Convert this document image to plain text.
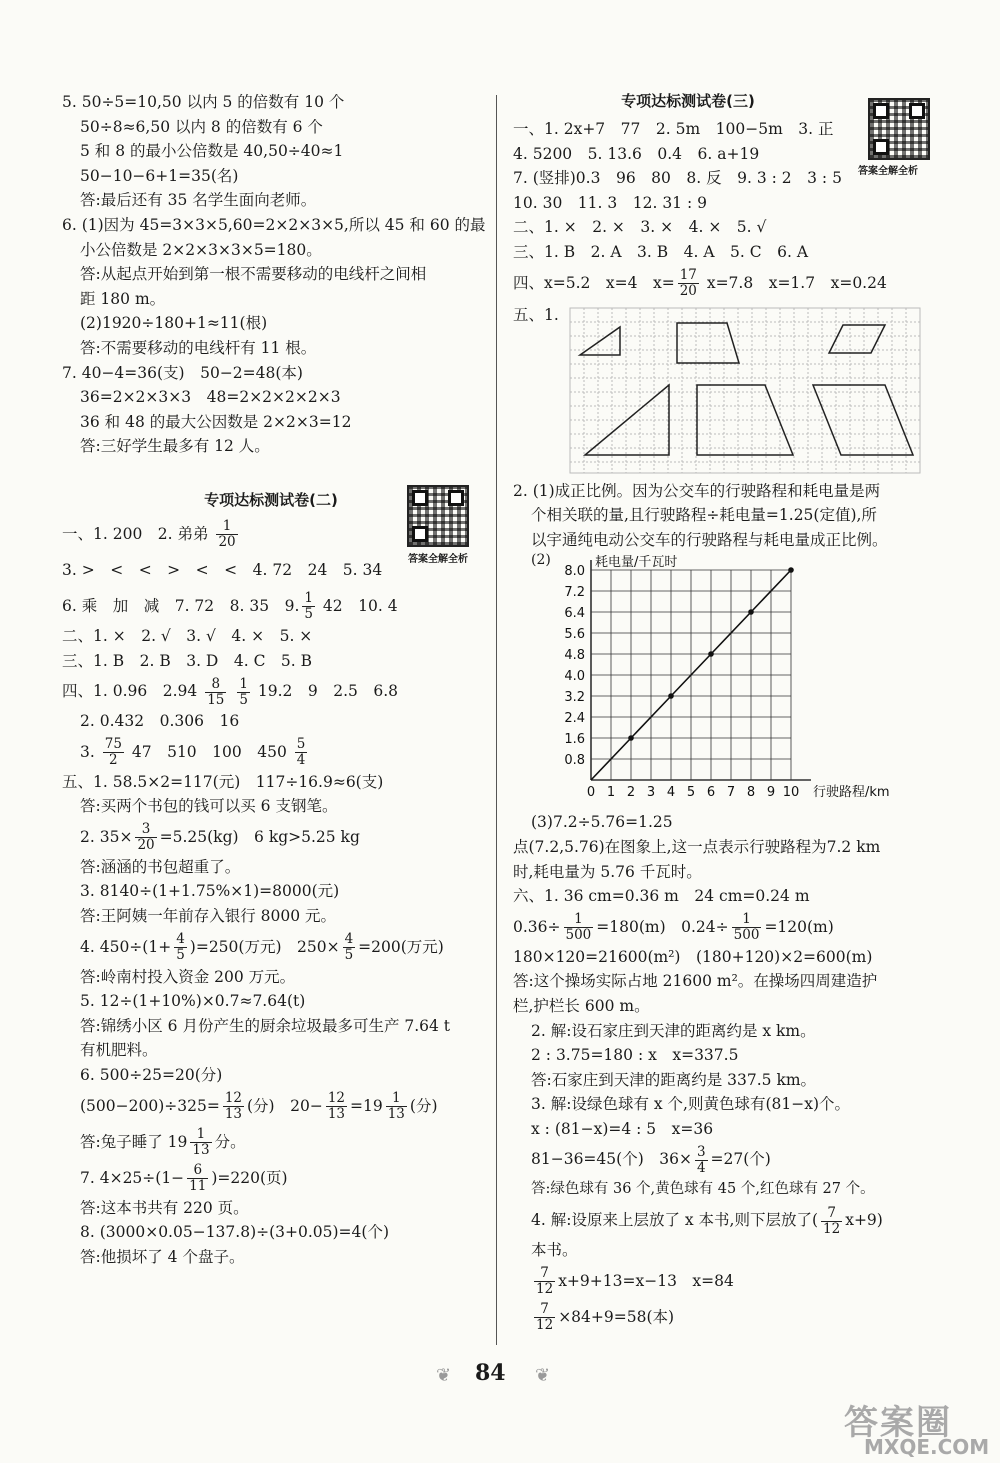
5. 50÷5=10,50 以内 5 的倍数有 10 个
50÷8≈6,50 以内 8 的倍数有 6 个
5 和 8 的最小公倍数是 40,50÷40≈1
50−10−6+1=35(名)
答:最后还有 35 名学生面向老师。
6. (1)因为 45=3×3×5,60=2×2×3×5,所以 45 和 60 的最
小公倍数是 2×2×3×3×5=180。
答:从起点开始到第一根不需要移动的电线杆之间相
距 180 m。
(2)1920÷180+1≈11(根)
答:不需要移动的电线杆有 11 根。
7. 40−4=36(支)　50−2=48(本)
36=2×2×3×3　48=2×2×2×2×3
36 和 48 的最大公因数是 2×2×3=12
答:三好学生最多有 12 人。
专项达标测试卷(二)
答案全解全析
一、1. 200　2. 弟弟 $\frac{1}{20}$
3. >　<　<　>　<　<　4. 72　24　5. 34
6. 乘　加　减　7. 72　8. 35　9. $\frac{1}{5} 42$　10. 4
二、1. ×　2. √　3. √　4. ×　5. ×
三、1. B　2. B　3. D　4. C　5. B
四、1. 0.96　$2.94 \frac{8}{15}$
$\frac{1}{5} 19.2$　9　2.5　6.8
2. 0.432　0.306　16
3. $\frac{75}{2} 47$　510　100　$450 \frac{5}{4}$
五、1. 58.5×2=117(元)　117÷16.9≈6(支)
答:买两个书包的钱可以买 6 支钢笔。
2. $35\times \frac{3}{20} =5.25(kg)$　6 kg>5.25 kg
答:涵涵的书包超重了。
3. 8140÷(1+1.75%×1)=8000(元)
答:王阿姨一年前存入银行 8000 元。
4. $450\div(1+ \frac{4}{5} )=250$(万元)　$250\times \frac{4}{5} =200$(万元)
答:岭南村投入资金 200 万元。
5. 12÷(1+10%)×0.7≈7.64(t)
答:锦绣小区 6 月份产生的厨余垃圾最多可生产 7.64 t
有机肥料。
6. 500÷25=20(分)
$(500-200)\div 325= \frac{12}{13}$ (分)　$20- \frac{12}{13} =19 \frac{1}{13}$ (分)
答:兔子睡了 $19 \frac{1}{13}$ 分。
7. $4\times 25\div(1- \frac{6}{11} )=220$(页)
答:这本书共有 220 页。
8. (3000×0.05−137.8)÷(3+0.05)=4(个)
答:他损坏了 4 个盘子。
专项达标测试卷(三)
答案全解全析
一、1. 2x+7　77　2. 5m　100−5m　3. 正
4. 5200　5. 13.6　0.4　6. a+19
7. (竖排)0.3　96　80　8. 反　9. 3 : 2　3 : 5
10. 30　11. 3　12. 31 : 9
二、1. ×　2. ×　3. ×　4. ×　5. √
三、1. B　2. A　3. B　4. A　5. C　6. A
四、x=5.2　x=4　$x= \frac{17}{20} x=7.8$　x=1.7　x=0.24
五、1.
2. (1)成正比例。因为公交车的行驶路程和耗电量是两
个相关联的量,且行驶路程÷耗电量=1.25(定值),所
以宇通纯电动公交车的行驶路程与耗电量成正比例。
(2)
0 1 2 3 4 5 6 7 8 9 10
0.8
1.6
2.4
3.2
4.0
4.8
5.6
6.4
7.2
8.0
行驶路程/km
耗电量/千瓦时
(3)7.2÷5.76=1.25
点(7.2,5.76)在图象上,这一点表示行驶路程为7.2 km
时,耗电量为 5.76 千瓦时。
六、1. 36 cm=0.36 m　24 cm=0.24 m
$0.36\div \frac{1}{500} =180(m)$　$0.24\div \frac{1}{500} =120(m)$
180×120=21600(m²)　(180+120)×2=600(m)
答:这个操场实际占地 21600 m²。在操场四周建造护
栏,护栏长 600 m。
2. 解:设石家庄到天津的距离约是 x km。
2 : 3.75=180 : x　x=337.5
答:石家庄到天津的距离约是 337.5 km。
3. 解:设绿色球有 x 个,则黄色球有(81−x)个。
x : (81−x)=4 : 5　x=36
81−36=45(个)　$36\times \frac{3}{4} =27$(个)
答:绿色球有 36 个,黄色球有 45 个,红色球有 27 个。
4. 解:设原来上层放了 x 本书,则下层放了( $\frac{7}{12} x+9$)
本书。
$\frac{7}{12} x+9+13=x-13$　x=84
$\frac{7}{12} \times 84+9=58$(本)
❦ 84 ❦
答案圈
MXQE.COM
